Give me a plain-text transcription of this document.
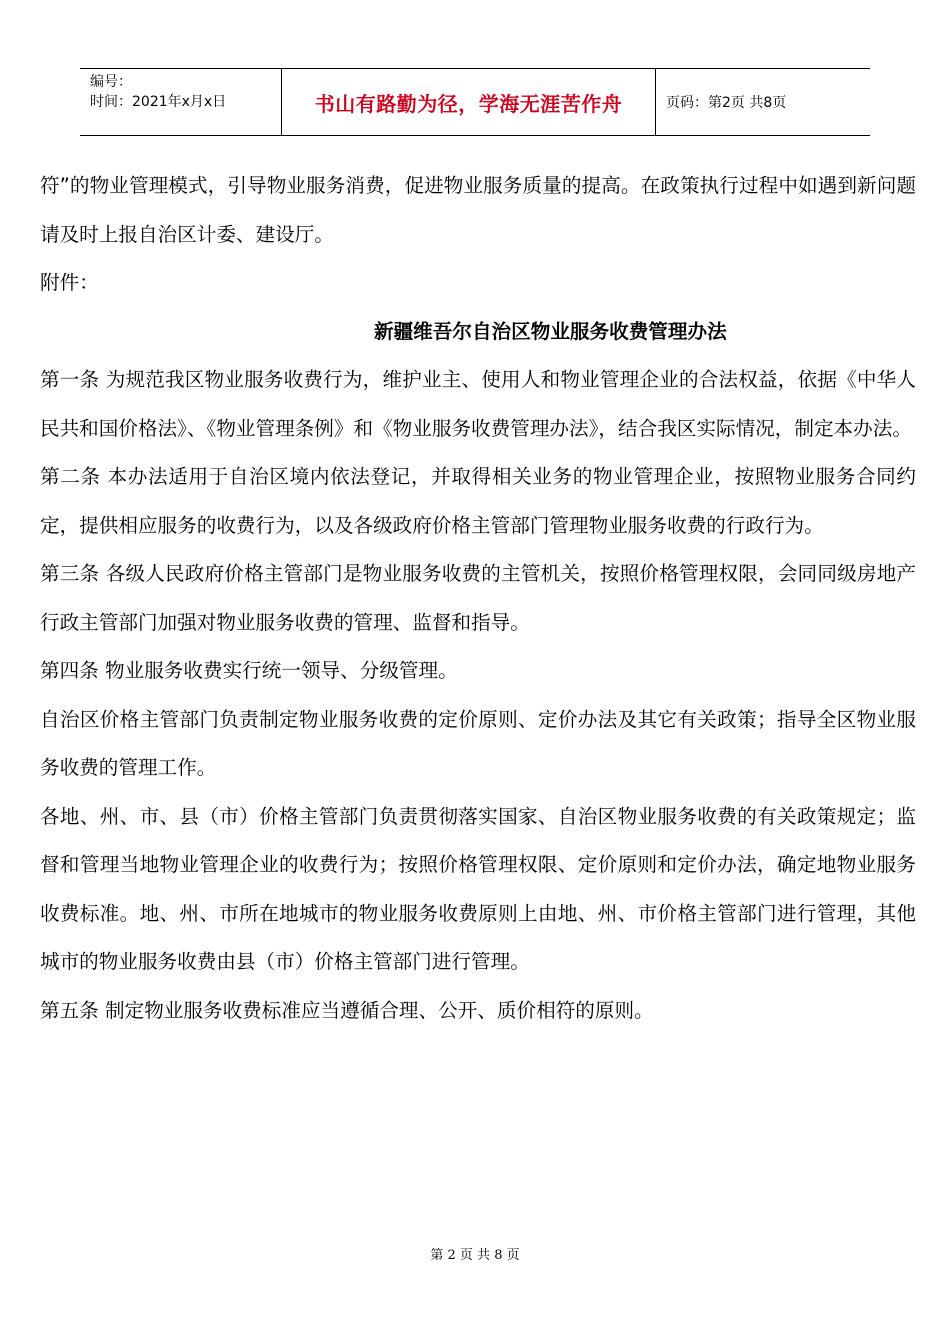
编号：
时间：2021年x月x日	书山有路勤为径，学海无涯苦作舟	页码：第2页 共8页

符”的物业管理模式，引导物业服务消费，促进物业服务质量的提高。在政策执行过程中如遇到新问题请及时上报自治区计委、建设厅。

附件：

新疆维吾尔自治区物业服务收费管理办法

第一条 为规范我区物业服务收费行为，维护业主、使用人和物业管理企业的合法权益，依据《中华人民共和国价格法》、《物业管理条例》和《物业服务收费管理办法》，结合我区实际情况，制定本办法。

第二条 本办法适用于自治区境内依法登记，并取得相关业务的物业管理企业，按照物业服务合同约定，提供相应服务的收费行为，以及各级政府价格主管部门管理物业服务收费的行政行为。

第三条 各级人民政府价格主管部门是物业服务收费的主管机关，按照价格管理权限，会同同级房地产行政主管部门加强对物业服务收费的管理、监督和指导。

第四条 物业服务收费实行统一领导、分级管理。

自治区价格主管部门负责制定物业服务收费的定价原则、定价办法及其它有关政策；指导全区物业服务收费的管理工作。

各地、州、市、县（市）价格主管部门负责贯彻落实国家、自治区物业服务收费的有关政策规定；监督和管理当地物业管理企业的收费行为；按照价格管理权限、定价原则和定价办法，确定地物业服务收费标准。地、州、市所在地城市的物业服务收费原则上由地、州、市价格主管部门进行管理，其他城市的物业服务收费由县（市）价格主管部门进行管理。

第五条 制定物业服务收费标准应当遵循合理、公开、质价相符的原则。

第 2 页 共 8 页
